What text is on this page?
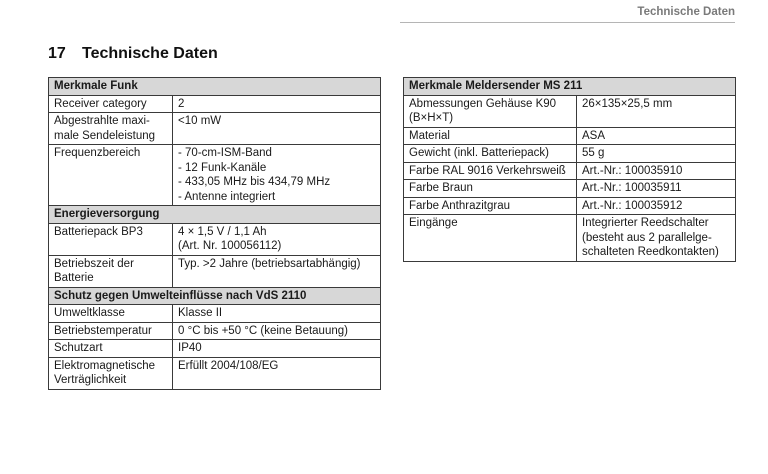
Technische Daten
17 Technische Daten
Merkmale Funk	
Receiver category	2
Abgestrahlte maxi-
male Sendeleistung	<10 mW
Frequenzbereich	- 70-cm-ISM-Band
- 12 Funk-Kanäle
- 433,05 MHz bis 434,79 MHz
- Antenne integriert
Energieversorgung	
Batteriepack BP3	4 × 1,5 V / 1,1 Ah
(Art. Nr. 100056112)
Betriebszeit der
Batterie	Typ. >2 Jahre (betriebsartabhängig)
Schutz gegen Umwelteinflüsse nach VdS 2110	
Umweltklasse	Klasse II
Betriebstemperatur	0 °C bis +50 °C (keine Betauung)
Schutzart	IP40
Elektromagnetische
Verträglichkeit	Erfüllt 2004/108/EG
Merkmale Meldersender MS 211	
Abmessungen Gehäuse K90
(B×H×T)	26×135×25,5 mm
Material	ASA
Gewicht (inkl. Batteriepack)	55 g
Farbe RAL 9016 Verkehrsweiß	Art.-Nr.: 100035910
Farbe Braun	Art.-Nr.: 100035911
Farbe Anthrazitgrau	Art.-Nr.: 100035912
Eingänge	Integrierter Reedschalter
(besteht aus 2 parallelge-
schalteten Reedkontakten)
